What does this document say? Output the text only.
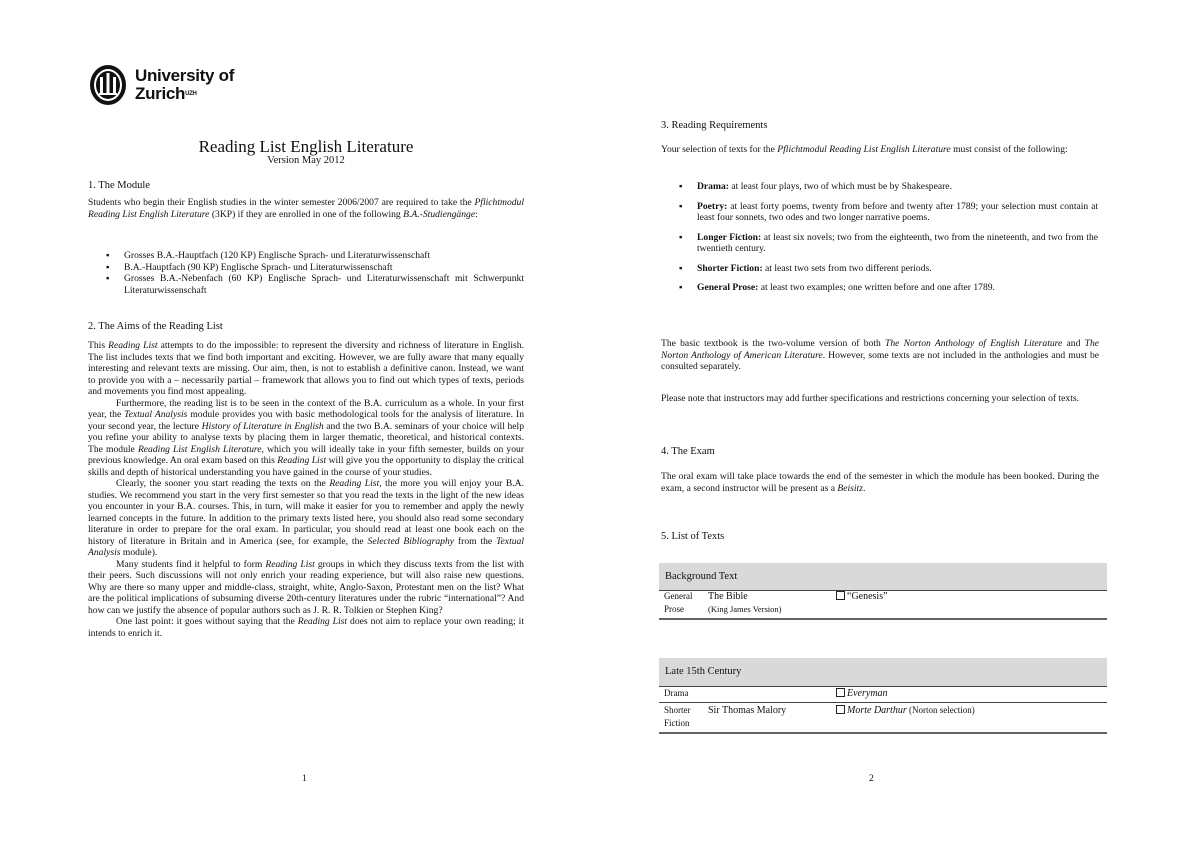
University of
Zurich$^{UZH}$
Reading List English Literature
Version May 2012
1. The Module

Students who begin their English studies in the winter semester 2006/2007 are required to take the Pflichtmodul Reading List English Literature (3KP) if they are enrolled in one of the following B.A.-Studiengänge:

▪ Grosses B.A.-Hauptfach (120 KP) Englische Sprach- und Literaturwissenschaft
▪ B.A.-Hauptfach (90 KP) Englische Sprach- und Literaturwissenschaft
▪ Grosses B.A.-Nebenfach (60 KP) Englische Sprach- und Literaturwissenschaft mit Schwerpunkt Literaturwissenschaft
2. The Aims of the Reading List

This Reading List attempts to do the impossible: to represent the diversity and richness of literature in English. The list includes texts that we find both important and exciting. However, we are fully aware that many equally interesting and relevant texts are missing. Our aim, then, is not to establish a definitive canon. Instead, we want to provide you with a – necessarily partial – framework that allows you to find out which types of texts, periods and movements you find most appealing.

Furthermore, the reading list is to be seen in the context of the B.A. curriculum as a whole. In your first year, the Textual Analysis module provides you with basic methodological tools for the analysis of literature. In your second year, the lecture History of Literature in English and the two B.A. seminars of your choice will help you refine your ability to analyse texts by placing them in larger thematic, theoretical, and historical contexts. The module Reading List English Literature, which you will ideally take in your fifth semester, builds on your previous knowledge. An oral exam based on this Reading List will give you the opportunity to display the critical skills and depth of historical understanding you have gained in the course of your studies.

Clearly, the sooner you start reading the texts on the Reading List, the more you will enjoy your B.A. studies. We recommend you start in the very first semester so that you read the texts in the light of the new ideas you encounter in your B.A. courses. This, in turn, will make it easier for you to remember and apply the newly learned concepts in the future. In addition to the primary texts listed here, you should also read some secondary literature in order to prepare for the oral exam. In particular, you should read at least one book each on the history of literature in Britain and in America (see, for example, the Selected Bibliography from the Textual Analysis module).

Many students find it helpful to form Reading List groups in which they discuss texts from the list with their peers. Such discussions will not only enrich your reading experience, but will also raise new questions. Why are there so many upper and middle-class, straight, white, Anglo-Saxon, Protestant men on the list? What are the political implications of subsuming diverse 20th-century literatures under the rubric “international”? And how can we justify the absence of popular authors such as J. R. R. Tolkien or Stephen King?

One last point: it goes without saying that the Reading List does not aim to replace your own reading; it intends to enrich it.

1
3. Reading Requirements

Your selection of texts for the Pflichtmodul Reading List English Literature must consist of the following:

▪ Drama: at least four plays, two of which must be by Shakespeare.
▪ Poetry: at least forty poems, twenty from before and twenty after 1789; your selection must contain at least four sonnets, two odes and two longer narrative poems.
▪ Longer Fiction: at least six novels; two from the eighteenth, two from the nineteenth, and two from the twentieth century.
▪ Shorter Fiction: at least two sets from two different periods.
▪ General Prose: at least two examples; one written before and one after 1789.

The basic textbook is the two-volume version of both The Norton Anthology of English Literature and The Norton Anthology of American Literature. However, some texts are not included in the anthologies and must be consulted separately.

Please note that instructors may add further specifications and restrictions concerning your selection of texts.
4. The Exam

The oral exam will take place towards the end of the semester in which the module has been booked. During the exam, a second instructor will be present as a Beisitz.

5. List of Texts
Background Text
General
Prose
The Bible
(King James Version)
“Genesis”
Late 15th Century
Drama	Everyman
Shorter
Fiction
Sir Thomas Malory	Morte Darthur (Norton selection)
2
